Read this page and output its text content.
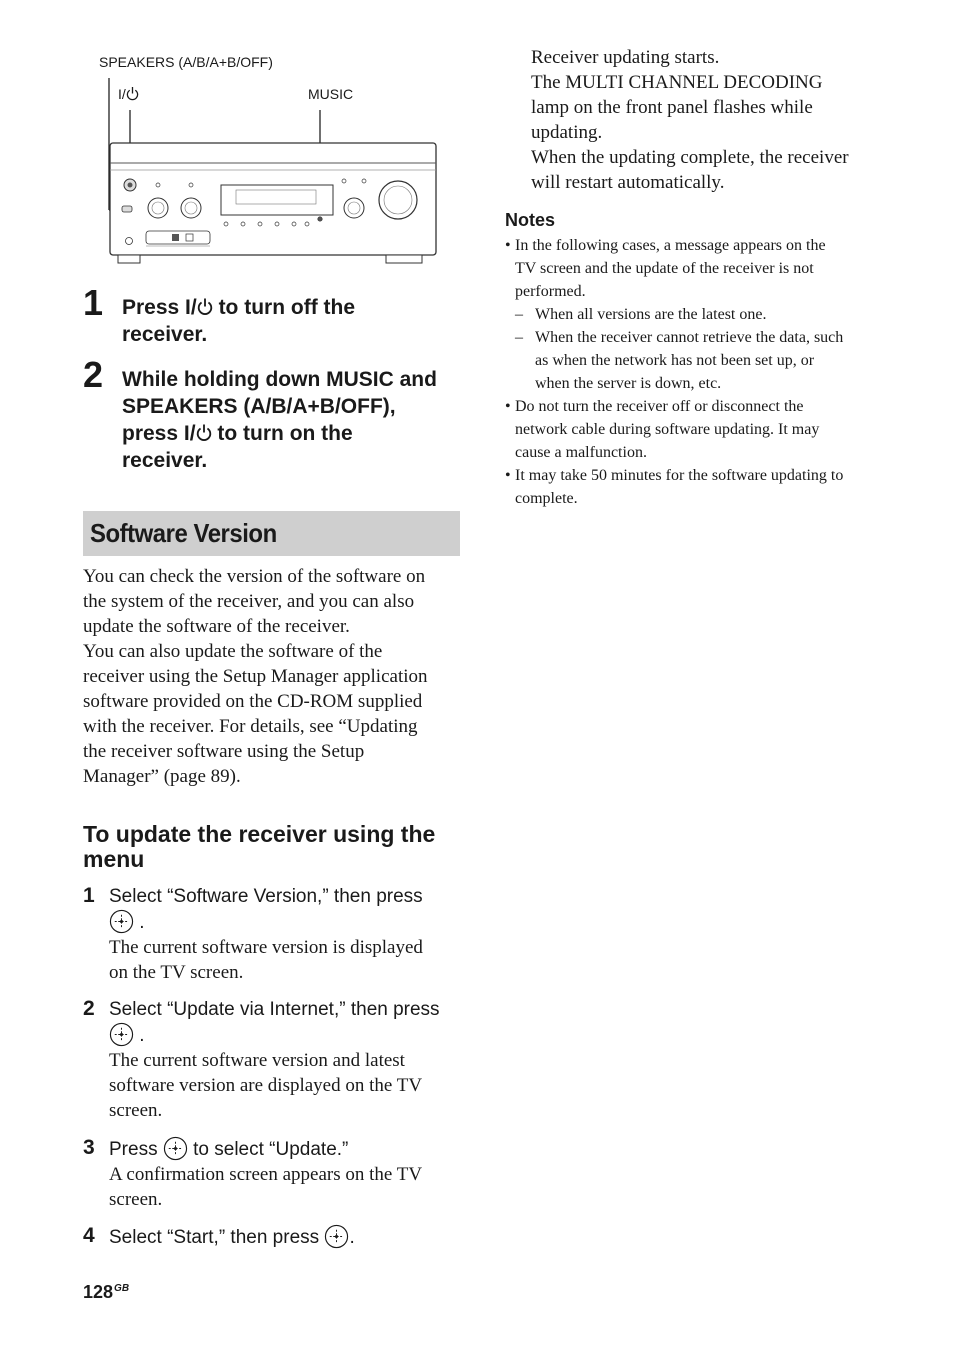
SPEAKERS (A/B/A+B/OFF)
I/	MUSIC
1 Press I/ to turn off the
receiver.
2 While holding down MUSIC and
SPEAKERS (A/B/A+B/OFF),
press I/ to turn on the
receiver.
Software Version
You can check the version of the software on
the system of the receiver, and you can also
update the software of the receiver.
You can also update the software of the
receiver using the Setup Manager application
software provided on the CD-ROM supplied
with the receiver. For details, see “Updating
the receiver software using the Setup
Manager” (page 89).
To update the receiver using the
menu
1 Select “Software Version,” then press
.
The current software version is displayed
on the TV screen.
2 Select “Update via Internet,” then press
.
The current software version and latest
software version are displayed on the TV
screen.
3 Press to select “Update.”
A confirmation screen appears on the TV
screen.
4 Select “Start,” then press .
Receiver updating starts.
The MULTI CHANNEL DECODING
lamp on the front panel flashes while
updating.
When the updating complete, the receiver
will restart automatically.
Notes
• In the following cases, a message appears on the
TV screen and the update of the receiver is not
performed.
– When all versions are the latest one.
– When the receiver cannot retrieve the data, such
as when the network has not been set up, or
when the server is down, etc.
• Do not turn the receiver off or disconnect the
network cable during software updating. It may
cause a malfunction.
• It may take 50 minutes for the software updating to
complete.
$128^{GB}$
